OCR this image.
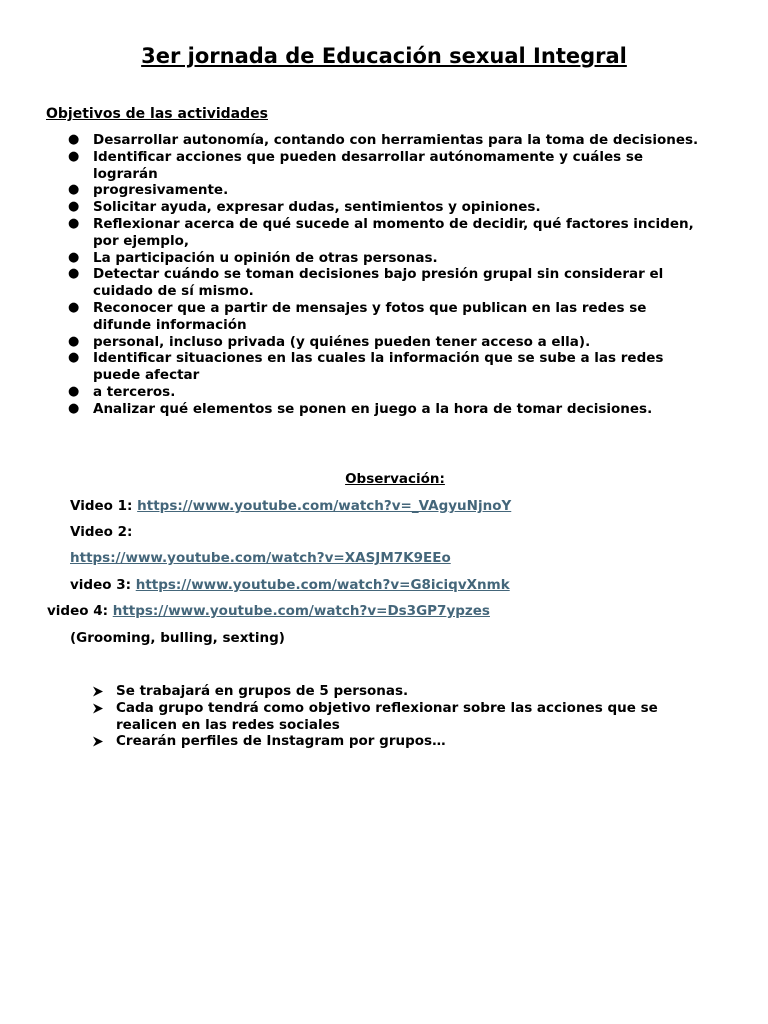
3er jornada de Educación sexual Integral
Objetivos de las actividades
● Desarrollar autonomía, contando con herramientas para la toma de decisiones.
● Identificar acciones que pueden desarrollar autónomamente y cuáles se lograrán
● progresivamente.
● Solicitar ayuda, expresar dudas, sentimientos y opiniones.
● Reflexionar acerca de qué sucede al momento de decidir, qué factores inciden, por ejemplo,
● La participación u opinión de otras personas.
● Detectar cuándo se toman decisiones bajo presión grupal sin considerar el cuidado de sí mismo.
● Reconocer que a partir de mensajes y fotos que publican en las redes se difunde información
● personal, incluso privada (y quiénes pueden tener acceso a ella).
● Identificar situaciones en las cuales la información que se sube a las redes puede afectar
● a terceros.
● Analizar qué elementos se ponen en juego a la hora de tomar decisiones.
Observación:
Video 1: https://www.youtube.com/watch?v=_VAgyuNjnoY
Video 2:
https://www.youtube.com/watch?v=XASJM7K9EEo
video 3: https://www.youtube.com/watch?v=G8iciqvXnmk
video 4: https://www.youtube.com/watch?v=Ds3GP7ypzes
(Grooming, bulling, sexting)
Se trabajará en grupos de 5 personas.
Cada grupo tendrá como objetivo reflexionar sobre las acciones que se realicen en las redes sociales
Crearán perfiles de Instagram por grupos…
